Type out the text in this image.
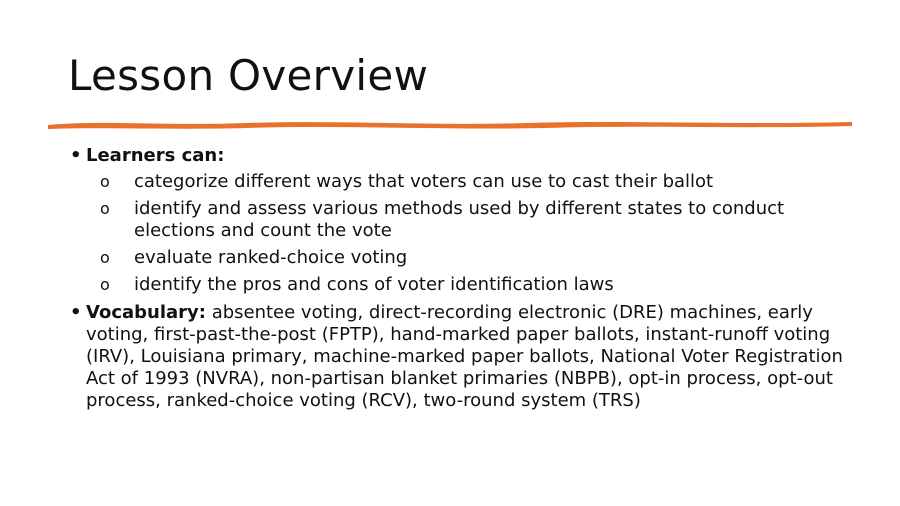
Lesson Overview
• Learners can:
o	categorize different ways that voters can use to cast their ballot
o	identify and assess various methods used by different states to conduct elections and count the vote
o	evaluate ranked-choice voting
o	identify the pros and cons of voter identification laws
• Vocabulary: absentee voting, direct-recording electronic (DRE) machines, early voting, first-past-the-post (FPTP), hand-marked paper ballots, instant-runoff voting (IRV), Louisiana primary, machine-marked paper ballots, National Voter Registration Act of 1993 (NVRA), non-partisan blanket primaries (NBPB), opt-in process, opt-out process, ranked-choice voting (RCV), two-round system (TRS)
